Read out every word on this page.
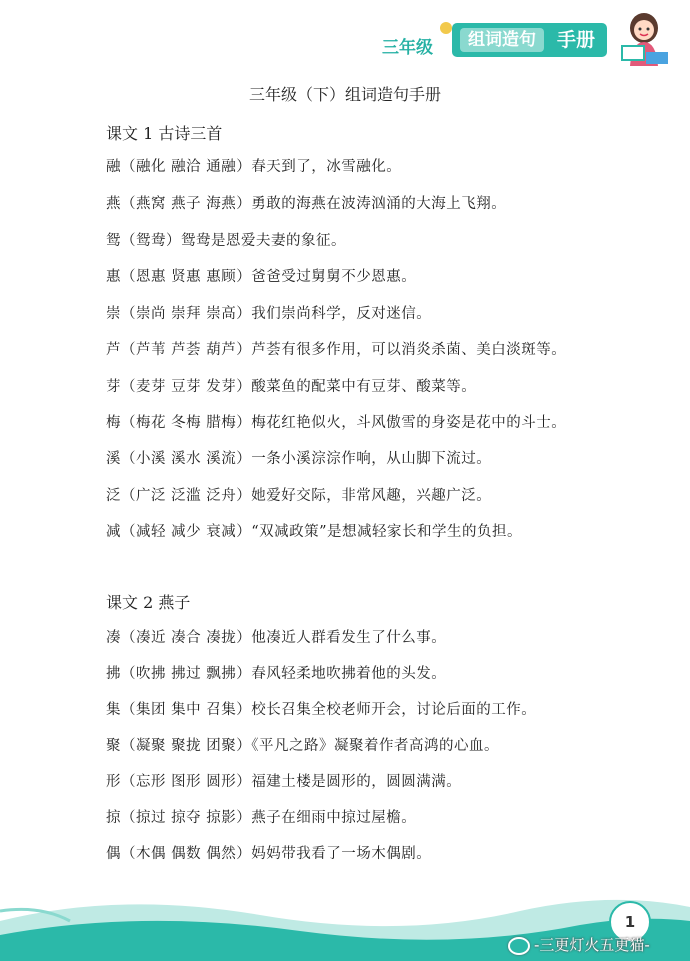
三年级	组词造句	手册
三年级（下）组词造句手册
课文 1 古诗三首
融（融化 融洽 通融）春天到了，冰雪融化。
燕（燕窝 燕子 海燕）勇敢的海燕在波涛汹涌的大海上飞翔。
鸳（鸳鸯）鸳鸯是恩爱夫妻的象征。
惠（恩惠 贤惠 惠顾）爸爸受过舅舅不少恩惠。
崇（崇尚 崇拜 崇高）我们崇尚科学，反对迷信。
芦（芦苇 芦荟 葫芦）芦荟有很多作用，可以消炎杀菌、美白淡斑等。
芽（麦芽 豆芽 发芽）酸菜鱼的配菜中有豆芽、酸菜等。
梅（梅花 冬梅 腊梅）梅花红艳似火，斗风傲雪的身姿是花中的斗士。
溪（小溪 溪水 溪流）一条小溪淙淙作响，从山脚下流过。
泛（广泛 泛滥 泛舟）她爱好交际，非常风趣，兴趣广泛。
减（减轻 减少 衰减）“双减政策”是想减轻家长和学生的负担。
课文 2 燕子
凑（凑近 凑合 凑拢）他凑近人群看发生了什么事。
拂（吹拂 拂过 飘拂）春风轻柔地吹拂着他的头发。
集（集团 集中 召集）校长召集全校老师开会，讨论后面的工作。
聚（凝聚 聚拢 团聚）《平凡之路》凝聚着作者高鸿的心血。
形（忘形 图形 圆形）福建土楼是圆形的，圆圆满满。
掠（掠过 掠夺 掠影）燕子在细雨中掠过屋檐。
偶（木偶 偶数 偶然）妈妈带我看了一场木偶剧。
1
-三更灯火五更猫-
